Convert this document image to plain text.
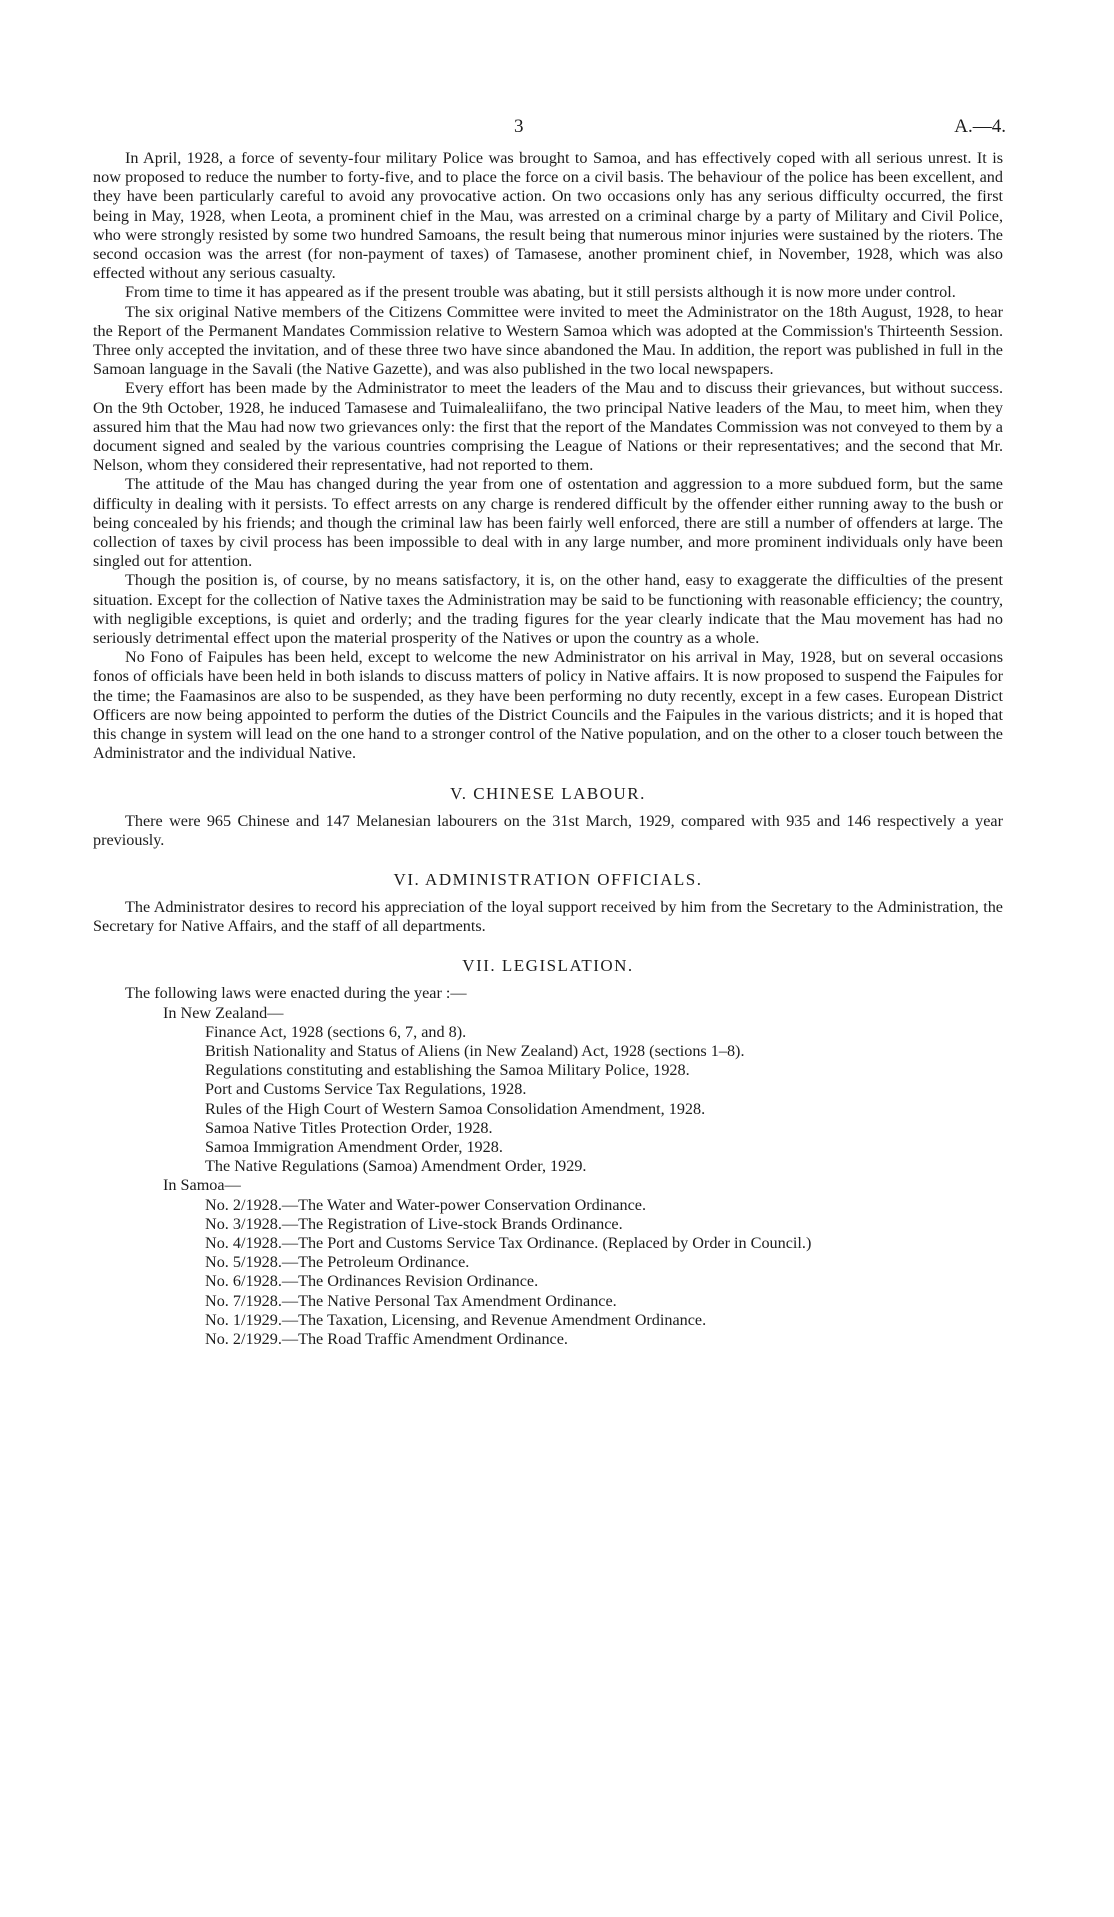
3	A.—4.

In April, 1928, a force of seventy-four military Police was brought to Samoa, and has effectively coped with all serious unrest. It is now proposed to reduce the number to forty-five, and to place the force on a civil basis. The behaviour of the police has been excellent, and they have been particularly careful to avoid any provocative action. On two occasions only has any serious difficulty occurred, the first being in May, 1928, when Leota, a prominent chief in the Mau, was arrested on a criminal charge by a party of Military and Civil Police, who were strongly resisted by some two hundred Samoans, the result being that numerous minor injuries were sustained by the rioters. The second occasion was the arrest (for non-payment of taxes) of Tamasese, another prominent chief, in November, 1928, which was also effected without any serious casualty.

From time to time it has appeared as if the present trouble was abating, but it still persists although it is now more under control.

The six original Native members of the Citizens Committee were invited to meet the Administrator on the 18th August, 1928, to hear the Report of the Permanent Mandates Commission relative to Western Samoa which was adopted at the Commission's Thirteenth Session. Three only accepted the invitation, and of these three two have since abandoned the Mau. In addition, the report was published in full in the Samoan language in the Savali (the Native Gazette), and was also published in the two local newspapers.

Every effort has been made by the Administrator to meet the leaders of the Mau and to discuss their grievances, but without success. On the 9th October, 1928, he induced Tamasese and Tuimalealiifano, the two principal Native leaders of the Mau, to meet him, when they assured him that the Mau had now two grievances only: the first that the report of the Mandates Commission was not conveyed to them by a document signed and sealed by the various countries comprising the League of Nations or their representatives; and the second that Mr. Nelson, whom they considered their representative, had not reported to them.

The attitude of the Mau has changed during the year from one of ostentation and aggression to a more subdued form, but the same difficulty in dealing with it persists. To effect arrests on any charge is rendered difficult by the offender either running away to the bush or being concealed by his friends; and though the criminal law has been fairly well enforced, there are still a number of offenders at large. The collection of taxes by civil process has been impossible to deal with in any large number, and more prominent individuals only have been singled out for attention.

Though the position is, of course, by no means satisfactory, it is, on the other hand, easy to exaggerate the difficulties of the present situation. Except for the collection of Native taxes the Administration may be said to be functioning with reasonable efficiency; the country, with negligible exceptions, is quiet and orderly; and the trading figures for the year clearly indicate that the Mau movement has had no seriously detrimental effect upon the material prosperity of the Natives or upon the country as a whole.

No Fono of Faipules has been held, except to welcome the new Administrator on his arrival in May, 1928, but on several occasions fonos of officials have been held in both islands to discuss matters of policy in Native affairs. It is now proposed to suspend the Faipules for the time; the Faamasinos are also to be suspended, as they have been performing no duty recently, except in a few cases. European District Officers are now being appointed to perform the duties of the District Councils and the Faipules in the various districts; and it is hoped that this change in system will lead on the one hand to a stronger control of the Native population, and on the other to a closer touch between the Administrator and the individual Native.

V. CHINESE LABOUR.

There were 965 Chinese and 147 Melanesian labourers on the 31st March, 1929, compared with 935 and 146 respectively a year previously.

VI. ADMINISTRATION OFFICIALS.

The Administrator desires to record his appreciation of the loyal support received by him from the Secretary to the Administration, the Secretary for Native Affairs, and the staff of all departments.

VII. LEGISLATION.
The following laws were enacted during the year :—
In New Zealand—
Finance Act, 1928 (sections 6, 7, and 8).
British Nationality and Status of Aliens (in New Zealand) Act, 1928 (sections 1–8).
Regulations constituting and establishing the Samoa Military Police, 1928.
Port and Customs Service Tax Regulations, 1928.
Rules of the High Court of Western Samoa Consolidation Amendment, 1928.
Samoa Native Titles Protection Order, 1928.
Samoa Immigration Amendment Order, 1928.
The Native Regulations (Samoa) Amendment Order, 1929.
In Samoa—
No. 2/1928.—The Water and Water-power Conservation Ordinance.
No. 3/1928.—The Registration of Live-stock Brands Ordinance.
No. 4/1928.—The Port and Customs Service Tax Ordinance. (Replaced by Order in Council.)
No. 5/1928.—The Petroleum Ordinance.
No. 6/1928.—The Ordinances Revision Ordinance.
No. 7/1928.—The Native Personal Tax Amendment Ordinance.
No. 1/1929.—The Taxation, Licensing, and Revenue Amendment Ordinance.
No. 2/1929.—The Road Traffic Amendment Ordinance.
